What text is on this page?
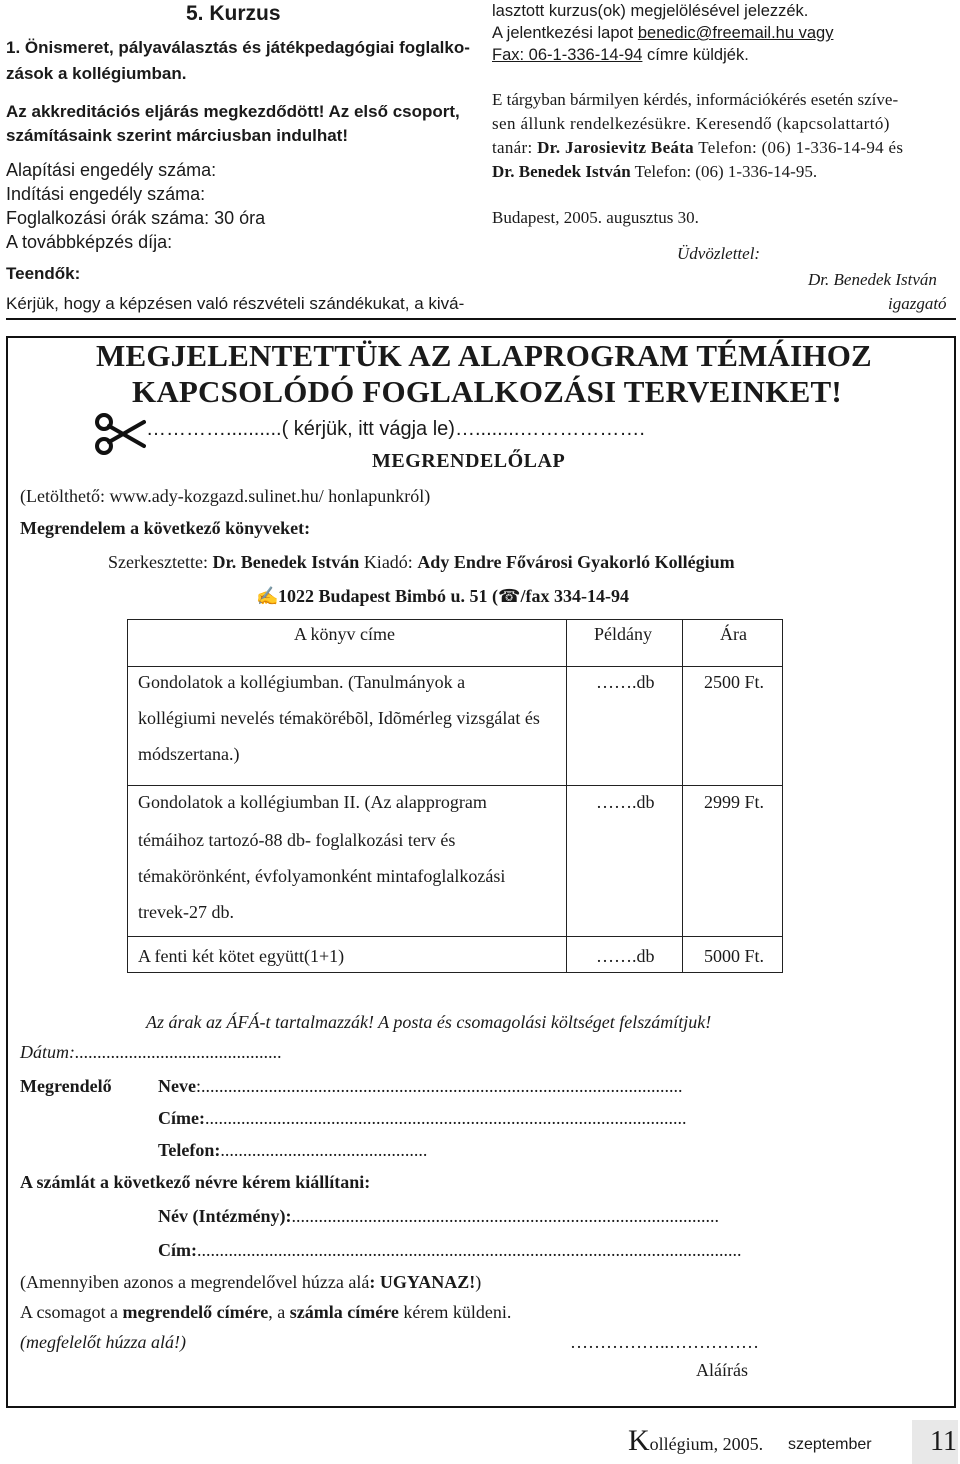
5. Kurzus
1. Önismeret, pályaválasztás és játékpedagógiai foglalko-
zások a kollégiumban.
Az akkreditációs eljárás megkezdődött! Az első csoport,
számításaink szerint márciusban indulhat!
Alapítási engedély száma:
Indítási engedély száma:
Foglalkozási órák száma: 30 óra
A továbbképzés díja:
Teendők:
Kérjük, hogy a képzésen való részvételi szándékukat, a kivá-
lasztott kurzus(ok) megjelölésével jelezzék.
A jelentkezési lapot benedic@freemail.hu vagy
Fax: 06-1-336-14-94 címre küldjék.
E tárgyban bármilyen kérdés, információkérés esetén szíve-
sen állunk rendelkezésükre. Keresendő (kapcsolattartó)
tanár: Dr. Jarosievitz Beáta Telefon: (06) 1-336-14-94 és
Dr. Benedek István Telefon: (06) 1-336-14-95.
Budapest, 2005. augusztus 30.
Üdvözlettel:
Dr. Benedek István
igazgató
MEGJELENTETTÜK AZ ALAPROGRAM TÉMÁIHOZ
KAPCSOLÓDÓ FOGLALKOZÁSI TERVEINKET!
…………..........( kérjük, itt vágja le)…........……………….
MEGRENDELŐLAP
(Letölthető: www.ady-kozgazd.sulinet.hu/ honlapunkról)
Megrendelem a következő könyveket:
Szerkesztette: Dr. Benedek István Kiadó: Ady Endre Fővárosi Gyakorló Kollégium
✍1022 Budapest Bimbó u. 51 (☎/fax 334-14-94
A könyv címe	Példány	Ára
Gondolatok a kollégiumban. (Tanulmányok a
kollégiumi nevelés témakörébõl, Idõmérleg vizsgálat és
módszertana.)
…….db	2500 Ft.
Gondolatok a kollégiumban II. (Az alapprogram
témáihoz tartozó-88 db- foglalkozási terv és
témakörönként, évfolyamonként mintafoglalkozási
trevek-27 db.
…….db	2999 Ft.
A fenti két kötet együtt(1+1)	…….db	5000 Ft.
Az árak az ÁFÁ-t tartalmazzák! A posta és csomagolási költséget felszámítjuk!
Dátum:..............................................
Megrendelő	Neve:...........................................................................................................
Címe:...........................................................................................................
Telefon:..............................................
A számlát a következő névre kérem kiállítani:
Név (Intézmény):...............................................................................................
Cím:.........................................................................................................................
(Amennyiben azonos a megrendelővel húzza alá: UGYANAZ!)
A csomagot a megrendelő címére, a számla címére kérem küldeni.
(megfelelőt húzza alá!)	……………..……………
Aláírás
Kollégium, 2005. szeptember 11
